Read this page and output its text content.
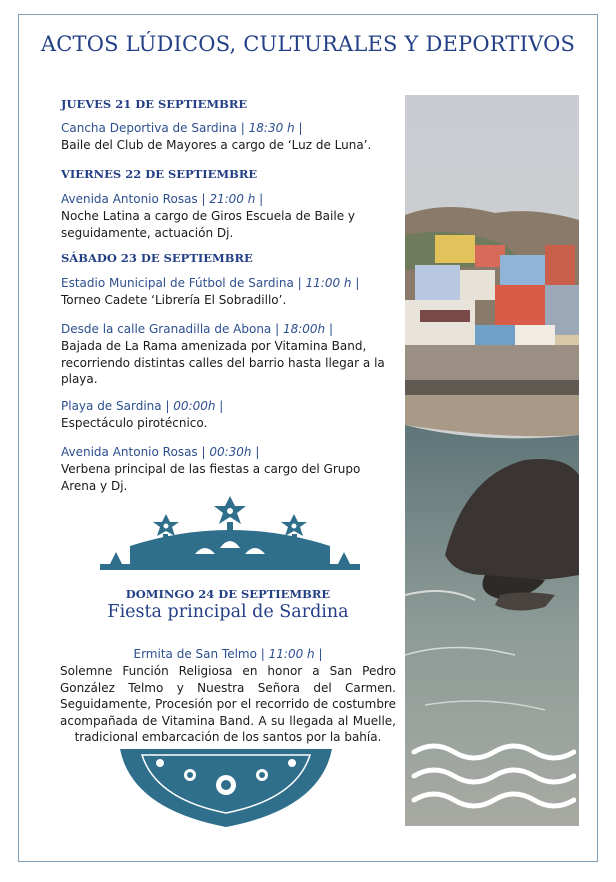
ACTOS LÚDICOS, CULTURALES Y DEPORTIVOS
JUEVES 21 DE SEPTIEMBRE
Cancha Deportiva de Sardina | 18:30 h |
Baile del Club de Mayores a cargo de ‘Luz de Luna’.
VIERNES 22 DE SEPTIEMBRE
Avenida Antonio Rosas | 21:00 h |
Noche Latina a cargo de Giros Escuela de Baile y seguidamente, actuación Dj.
SÁBADO 23 DE SEPTIEMBRE
Estadio Municipal de Fútbol de Sardina | 11:00 h |
Torneo Cadete ‘Librería El Sobradillo’.
Desde la calle Granadilla de Abona | 18:00h |
Bajada de La Rama amenizada por Vitamina Band, recorriendo distintas calles del barrio hasta llegar a la playa.
Playa de Sardina | 00:00h |
Espectáculo pirotécnico.
Avenida Antonio Rosas | 00:30h |
Verbena principal de las fiestas a cargo del Grupo Arena y Dj.
DOMINGO 24 DE SEPTIEMBRE
Fiesta principal de Sardina
Ermita de San Telmo | 11:00 h |
Solemne Función Religiosa en honor a San Pedro González Telmo y Nuestra Señora del Carmen. Seguidamente, Procesión por el recorrido de costumbre acompañada de Vitamina Band. A su llegada al Muelle, tradicional embarcación de los santos por la bahía.
